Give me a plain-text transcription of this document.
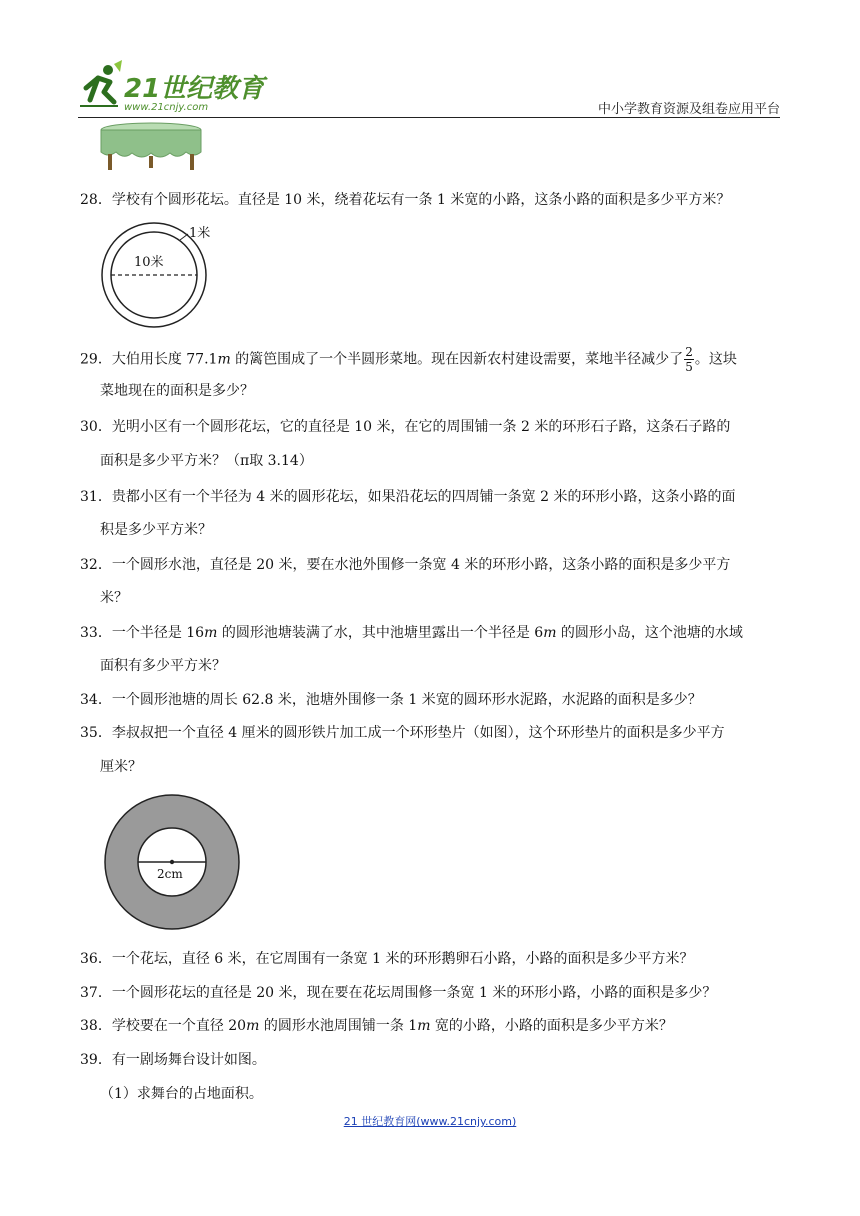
21世纪教育
www.21cnjy.com	中小学教育资源及组卷应用平台
28．学校有个圆形花坛。直径是 10 米，绕着花坛有一条 1 米宽的小路，这条小路的面积是多少平方米？
1米
10米
29．大伯用长度 77.1m 的篱笆围成了一个半圆形菜地。现在因新农村建设需要，菜地半径减少了 $\frac{2}{5}$ 。这块
菜地现在的面积是多少？
30．光明小区有一个圆形花坛，它的直径是 10 米，在它的周围铺一条 2 米的环形石子路，这条石子路的
面积是多少平方米？（π取 3.14）
31．贵都小区有一个半径为 4 米的圆形花坛，如果沿花坛的四周铺一条宽 2 米的环形小路，这条小路的面
积是多少平方米？
32．一个圆形水池，直径是 20 米，要在水池外围修一条宽 4 米的环形小路，这条小路的面积是多少平方
米？
33．一个半径是 16m 的圆形池塘装满了水，其中池塘里露出一个半径是 6m 的圆形小岛，这个池塘的水域
面积有多少平方米？
34．一个圆形池塘的周长 62.8 米，池塘外围修一条 1 米宽的圆环形水泥路，水泥路的面积是多少？
35．李叔叔把一个直径 4 厘米的圆形铁片加工成一个环形垫片（如图），这个环形垫片的面积是多少平方
厘米？
2cm
36．一个花坛，直径 6 米，在它周围有一条宽 1 米的环形鹅卵石小路，小路的面积是多少平方米？
37．一个圆形花坛的直径是 20 米，现在要在花坛周围修一条宽 1 米的环形小路，小路的面积是多少？
38．学校要在一个直径 20m 的圆形水池周围铺一条 1m 宽的小路，小路的面积是多少平方米？
39．有一剧场舞台设计如图。
（1）求舞台的占地面积。
21 世纪教育网(www.21cnjy.com)
